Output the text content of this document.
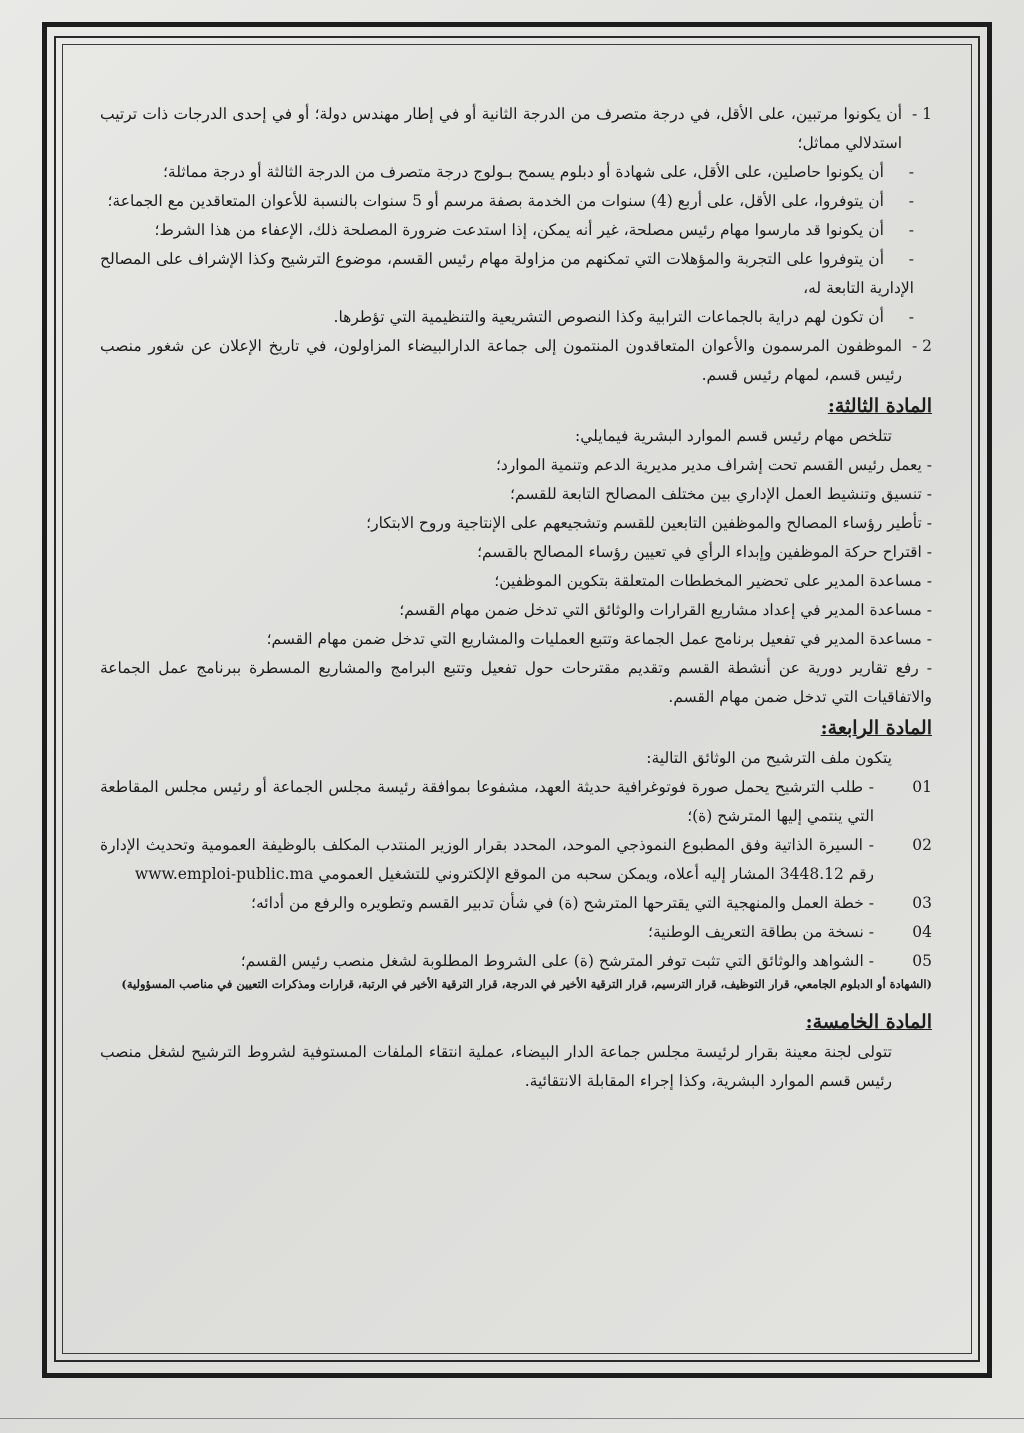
1 -

أن يكونوا مرتبين، على الأقل، في درجة متصرف من الدرجة الثانية أو في إطار مهندس دولة؛ أو في إحدى الدرجات ذات ترتيب استدلالي مماثل؛

- أن يكونوا حاصلين، على الأقل، على شهادة أو دبلوم يسمح بـولوج درجة متصرف من الدرجة الثالثة أو درجة مماثلة؛

- أن يتوفروا، على الأقل، على أربع (4) سنوات من الخدمة بصفة مرسم أو 5 سنوات بالنسبة للأعوان المتعاقدين مع الجماعة؛

- أن يكونوا قد مارسوا مهام رئيس مصلحة، غير أنه يمكن، إذا استدعت ضرورة المصلحة ذلك، الإعفاء من هذا الشرط؛

- أن يتوفروا على التجربة والمؤهلات التي تمكنهم من مزاولة مهام رئيس القسم، موضوع الترشيح وكذا الإشراف على المصالح الإدارية التابعة له،

- أن تكون لهم دراية بالجماعات الترابية وكذا النصوص التشريعية والتنظيمية التي تؤطرها.

2 -

الموظفون المرسمون والأعوان المتعاقدون المنتمون إلى جماعة الدارالبيضاء المزاولون، في تاريخ الإعلان عن شغور منصب رئيس قسم، لمهام رئيس قسم.

المادة الثالثة:

تتلخص مهام رئيس قسم الموارد البشرية فيمايلي:

- يعمل رئيس القسم تحت إشراف مدير مديرية الدعم وتنمية الموارد؛

- تنسيق وتنشيط العمل الإداري بين مختلف المصالح التابعة للقسم؛

- تأطير رؤساء المصالح والموظفين التابعين للقسم وتشجيعهم على الإنتاجية وروح الابتكار؛

- اقتراح حركة الموظفين وإبداء الرأي في تعيين رؤساء المصالح بالقسم؛

- مساعدة المدير على تحضير المخططات المتعلقة بتكوين الموظفين؛

- مساعدة المدير في إعداد مشاريع القرارات والوثائق التي تدخل ضمن مهام القسم؛

- مساعدة المدير في تفعيل برنامج عمل الجماعة وتتبع العمليات والمشاريع التي تدخل ضمن مهام القسم؛

- رفع تقارير دورية عن أنشطة القسم وتقديم مقترحات حول تفعيل وتتبع البرامج والمشاريع المسطرة ببرنامج عمل الجماعة والاتفاقيات التي تدخل ضمن مهام القسم.

المادة الرابعة:

يتكون ملف الترشيح من الوثائق التالية:

01

- طلب الترشيح يحمل صورة فوتوغرافية حديثة العهد، مشفوعا بموافقة رئيسة مجلس الجماعة أو رئيس مجلس المقاطعة التي ينتمي إليها المترشح (ة)؛

02

- السيرة الذاتية وفق المطبوع النموذجي الموحد، المحدد بقرار الوزير المنتدب المكلف بالوظيفة العمومية وتحديث الإدارة رقم 3448.12 المشار إليه أعلاه، ويمكن سحبه من الموقع الإلكتروني للتشغيل العمومي www.emploi-public.ma

03

- خطة العمل والمنهجية التي يقترحها المترشح (ة) في شأن تدبير القسم وتطويره والرفع من أدائه؛

04

- نسخة من بطاقة التعريف الوطنية؛

05

- الشواهد والوثائق التي تثبت توفر المترشح (ة) على الشروط المطلوبة لشغل منصب رئيس القسم؛

(الشهادة أو الدبلوم الجامعي، قرار التوظيف، قرار الترسيم، قرار الترقية الأخير في الدرجة، قرار الترقية الأخير في الرتبة، قرارات ومذكرات التعيين في مناصب المسؤولية)

المادة الخامسة:

تتولى لجنة معينة بقرار لرئيسة مجلس جماعة الدار البيضاء، عملية انتقاء الملفات المستوفية لشروط الترشيح لشغل منصب رئيس قسم الموارد البشرية، وكذا إجراء المقابلة الانتقائية.
